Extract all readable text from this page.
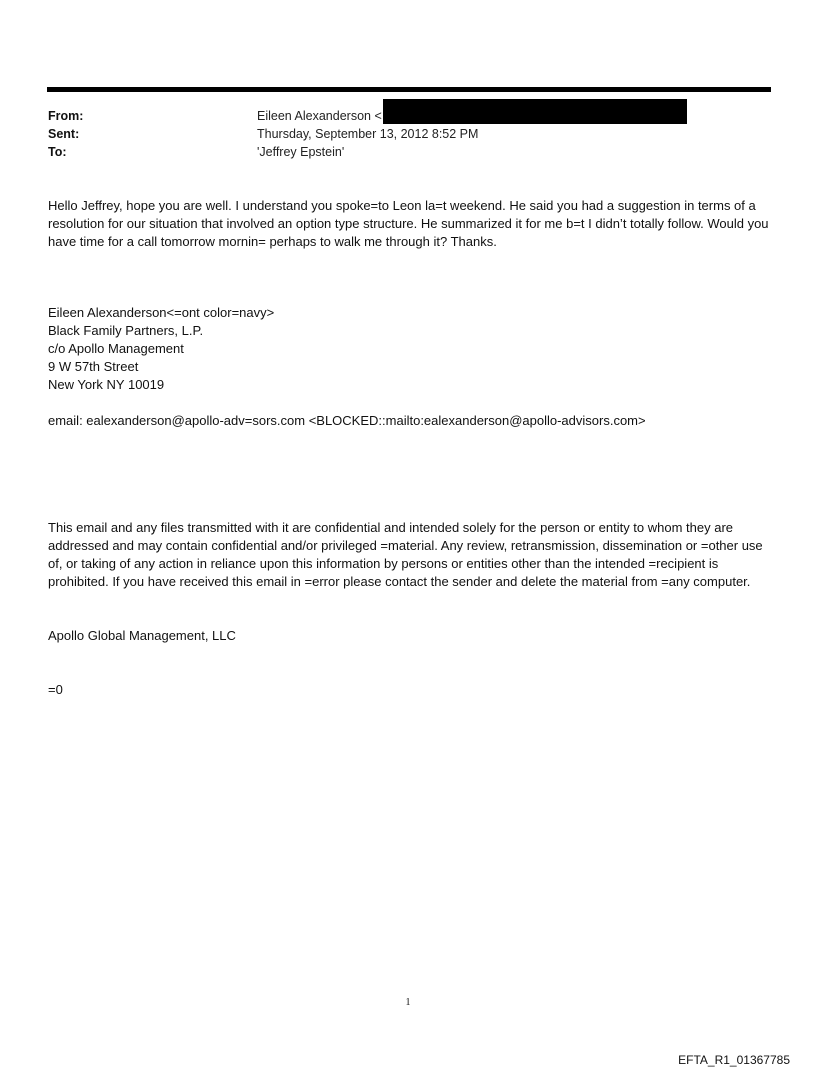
From:	Eileen Alexanderson <
Sent:	Thursday, September 13, 2012 8:52 PM
To:	'Jeffrey Epstein'

Hello Jeffrey, hope you are well. I understand you spoke=to Leon la=t weekend. He said you had a suggestion in terms of a resolution for our situation that involved an option type structure. He summarized it for me b=t I didn’t totally follow. Would you have time for a call tomorrow mornin= perhaps to walk me through it? Thanks.

Eileen Alexanderson<=ont color=navy>
Black Family Partners, L.P.
c/o Apollo Management
9 W 57th Street
New York NY 10019
email: ealexanderson@apollo-adv=sors.com <BLOCKED::mailto:ealexanderson@apollo-advisors.com>

This email and any files transmitted with it are confidential and intended solely for the person or entity to whom they are addressed and may contain confidential and/or privileged =material. Any review, retransmission, dissemination or =other use of, or taking of any action in reliance upon this information by persons or entities other than the intended =recipient is prohibited. If you have received this email in =error please contact the sender and delete the material from =any computer.

Apollo Global Management, LLC
=0
1
EFTA_R1_01367785
